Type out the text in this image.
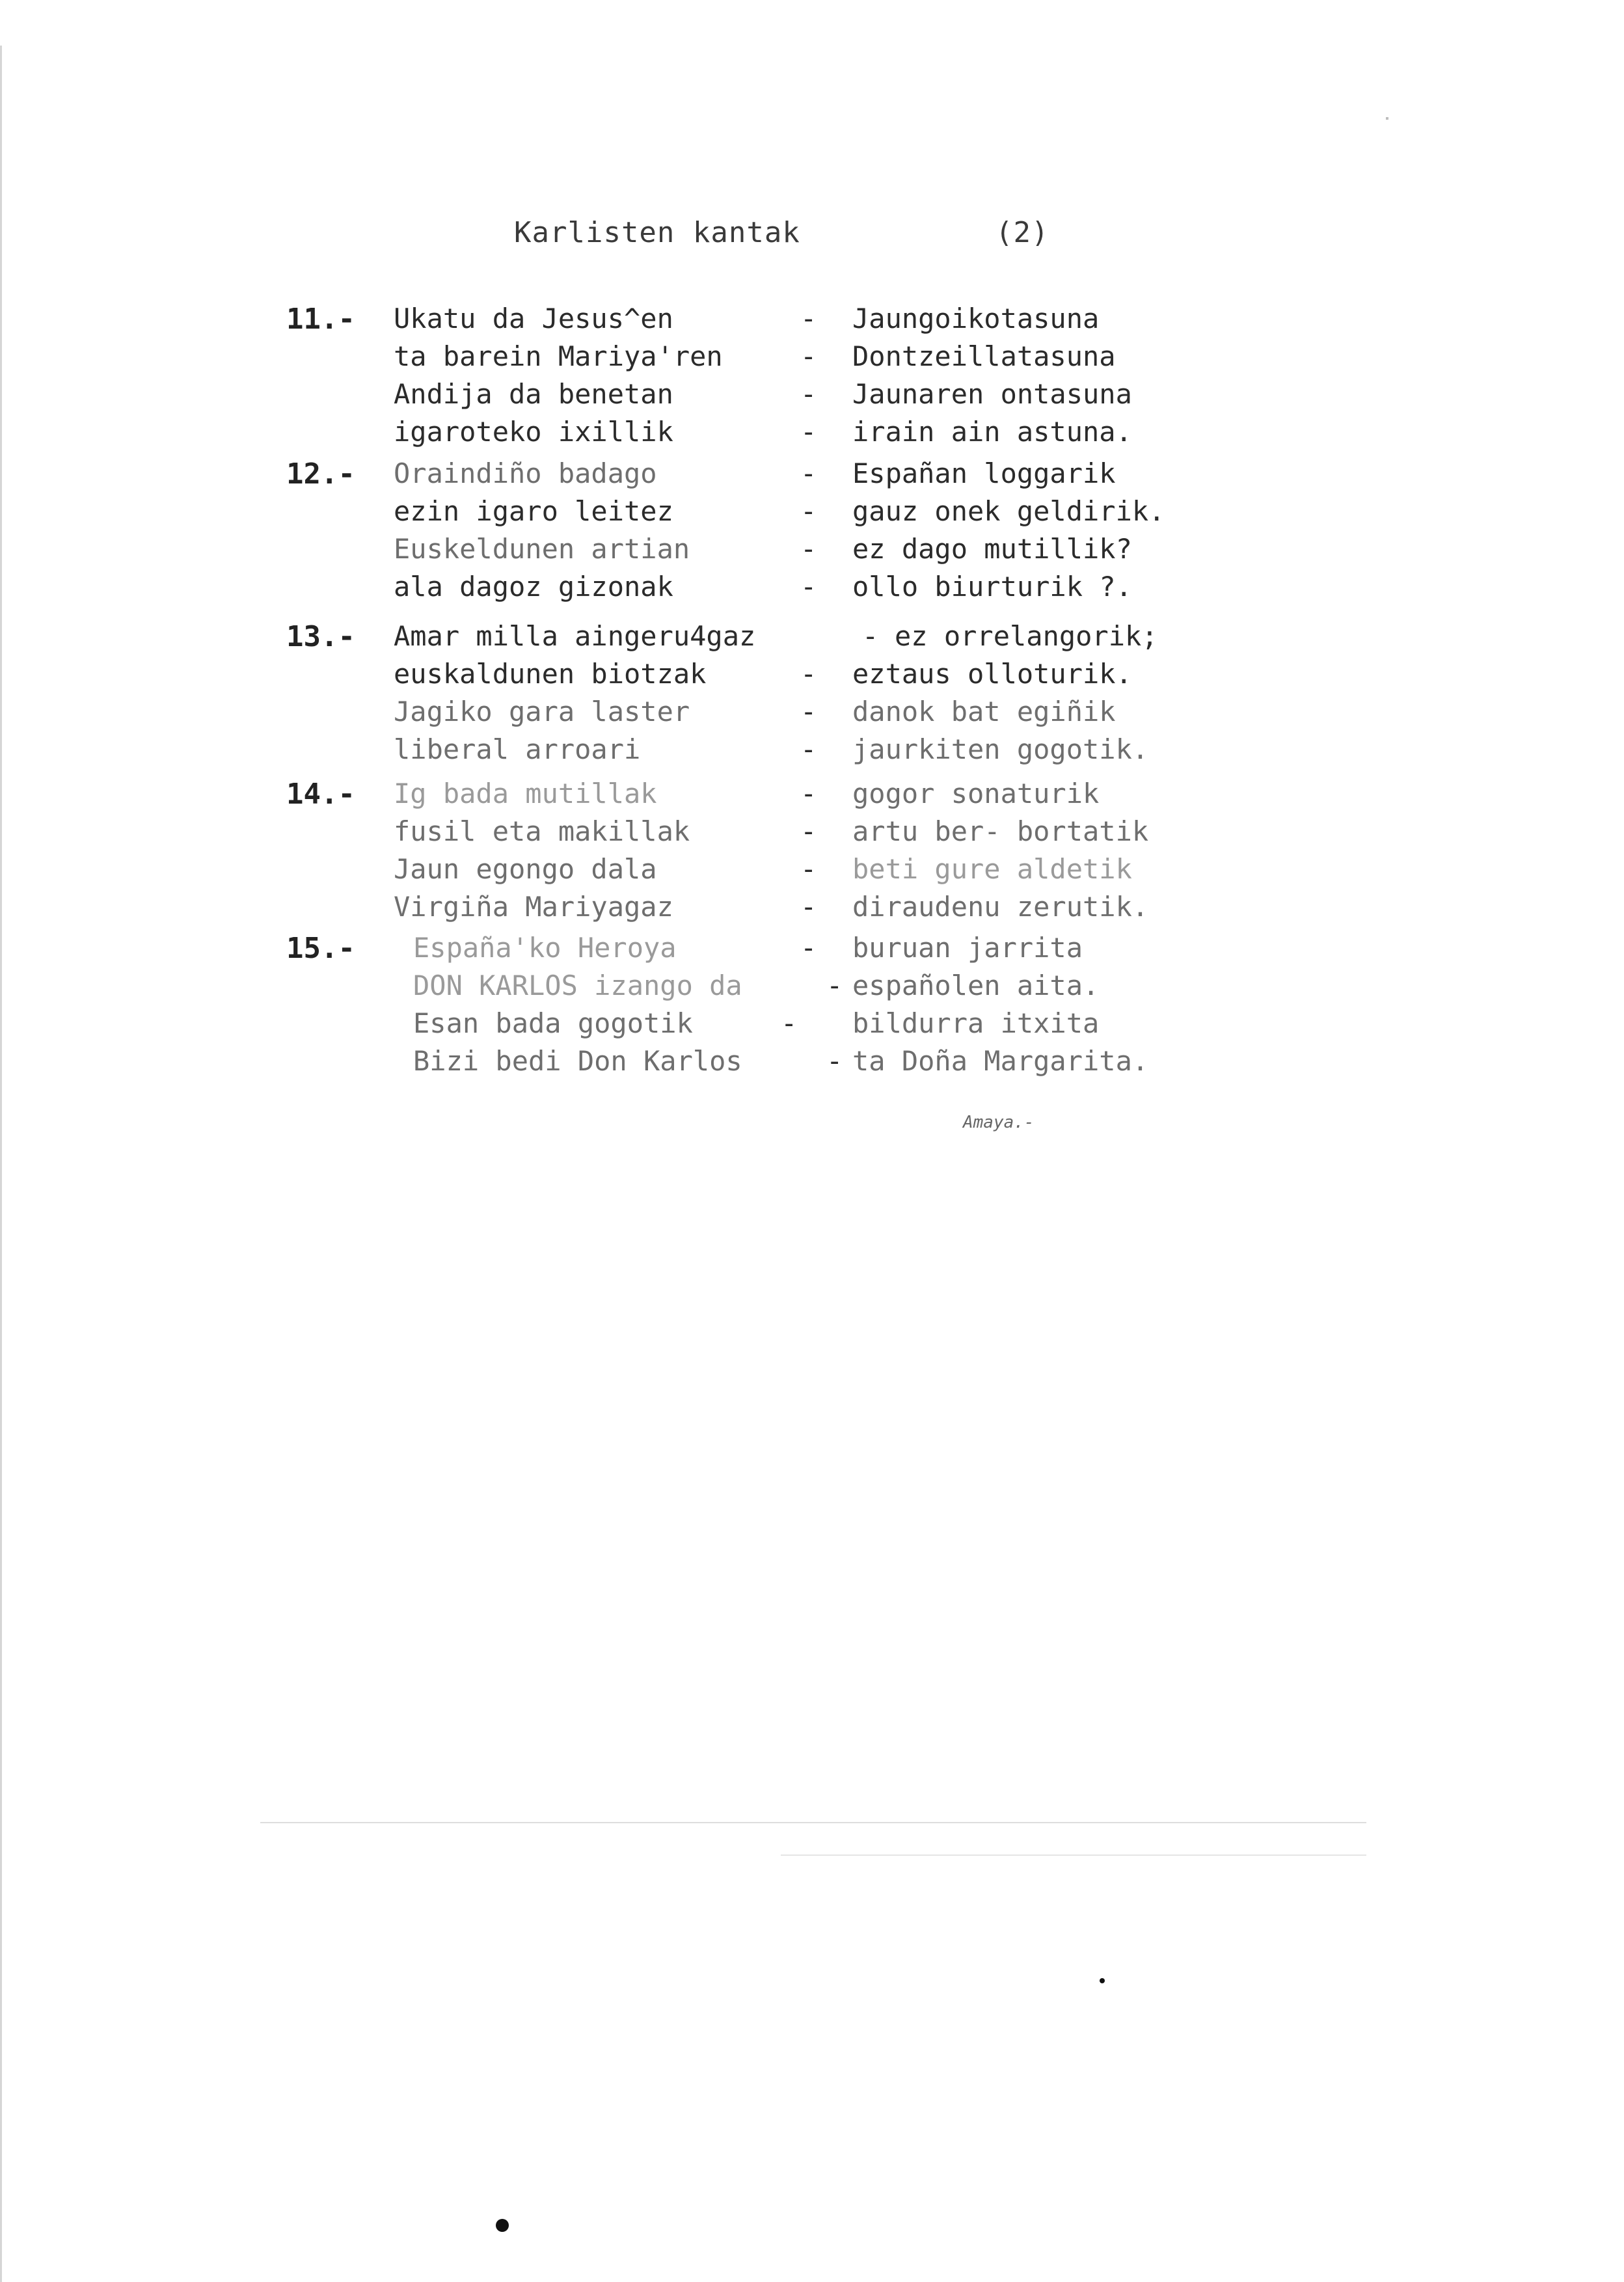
Karlisten kantak	(2)
11.- Ukatu da Jesus^en	- Jaungoikotasuna
ta barein Mariya'ren	- Dontzeillatasuna
Andija da benetan	- Jaunaren ontasuna
igaroteko ixillik	- irain ain astuna.
12.- Oraindiño badago	- Españan loggarik
ezin igaro leitez	- gauz onek geldirik.
Euskeldunen artian	- ez dago mutillik?
ala dagoz gizonak	- ollo biurturik ?.
13.- Amar milla aingeru4gaz	- ez orrelangorik;
euskaldunen biotzak	- eztaus olloturik.
Jagiko gara laster	- danok bat egiñik
liberal arroari	- jaurkiten gogotik.
14.- Ig bada mutillak	- gogor sonaturik
fusil eta makillak	- artu ber- bortatik
Jaun egongo dala	- beti gure aldetik
Virgiña Mariyagaz	- diraudenu zerutik.
15.- España'ko Heroya	- buruan jarrita
DON KARLOS izango da	- españolen aita.
Esan bada gogotik	- bildurra itxita
Bizi bedi Don Karlos	- ta Doña Margarita.
Amaya.-
